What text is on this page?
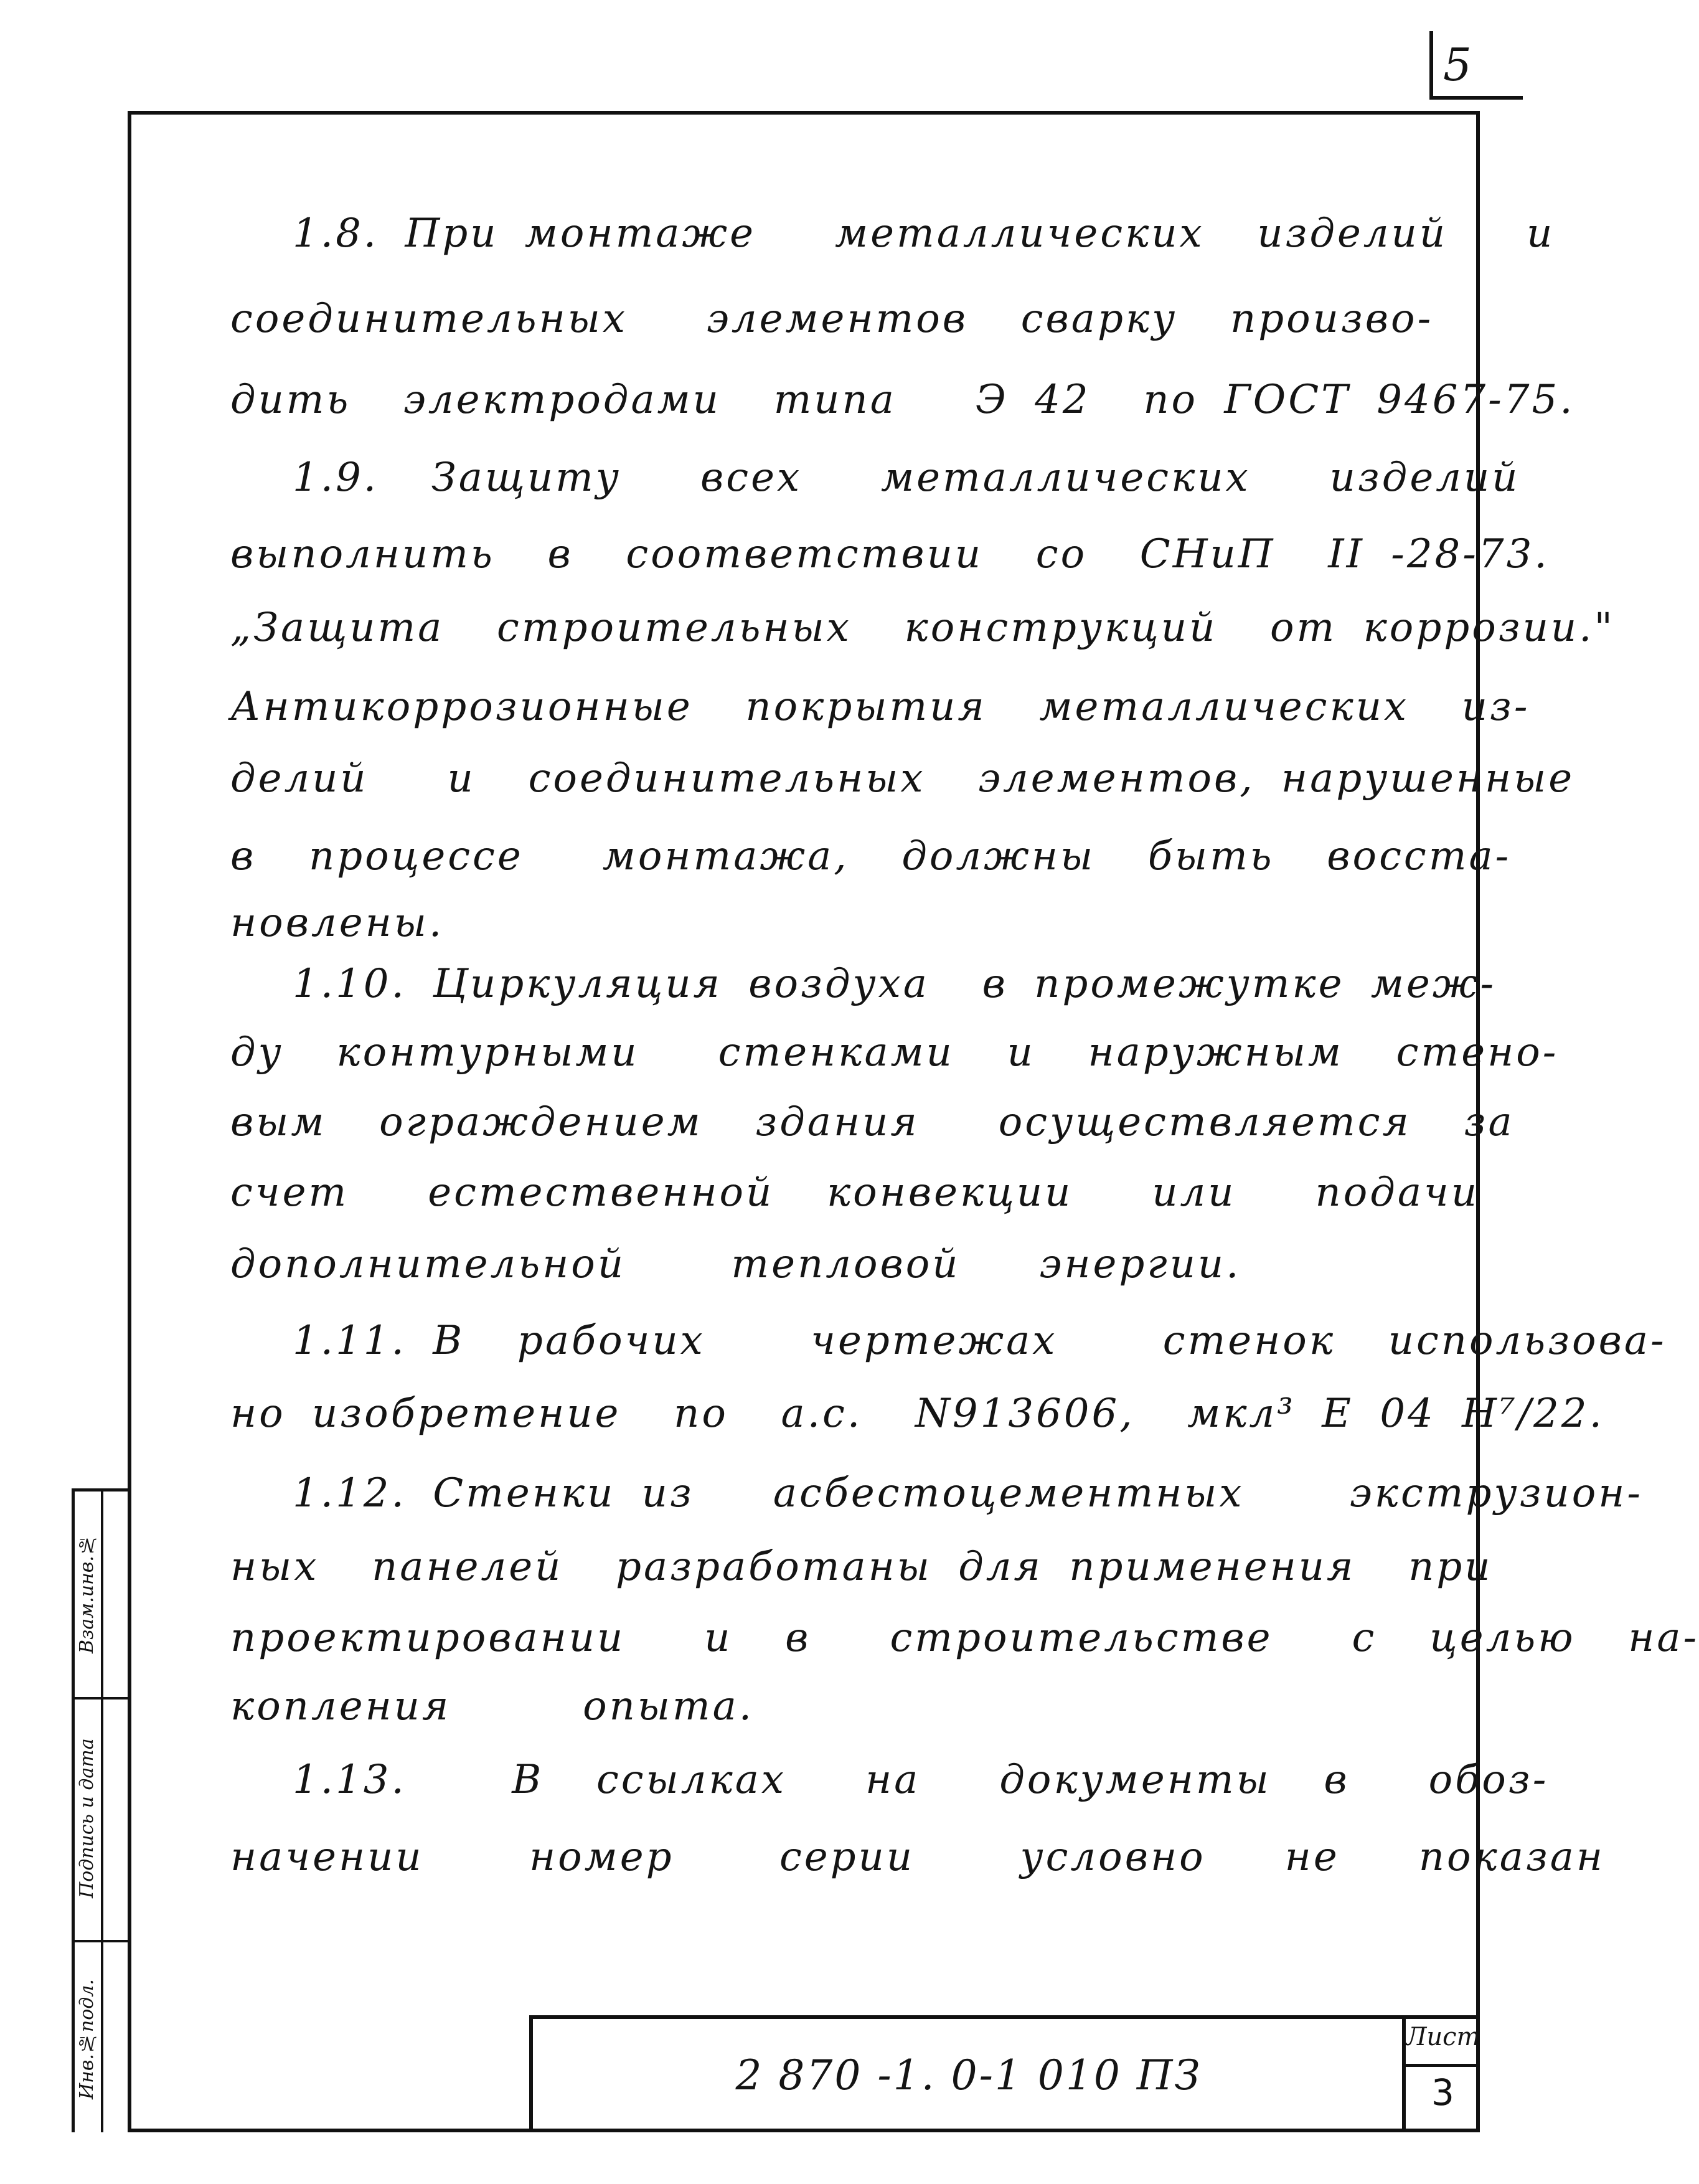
5
1.8. При монтаже   металлических  изделий   и
соединительных   элементов  сварку  произво-
дить  электродами  типа   Э 42  по ГОСТ 9467-75.
1.9.  Защиту   всех   металлических   изделий
выполнить  в  соответствии  со  СНиП  II -28-73.
„Защита  строительных  конструкций  от коррозии."
Антикоррозионные  покрытия  металлических  из-
делий   и  соединительных  элементов, нарушенные
в  процессе   монтажа,  должны  быть  восста-
новлены.
1.10. Циркуляция воздуха  в промежутке меж-
ду  контурными   стенками  и  наружным  стено-
вым  ограждением  здания   осуществляется  за
счет   естественной  конвекции   или   подачи
дополнительной    тепловой   энергии.
1.11. В  рабочих    чертежах    стенок  использова-
но изобретение  по  а.с.  N913606,  мкл³ Е 04 Н⁷/22.
1.12. Стенки из   асбестоцементных    экструзион-
ных  панелей  разработаны для применения  при
проектировании   и  в   строительстве   с  целью  на-
копления     опыта.
1.13.    В  ссылках   на   документы  в   обоз-
начении    номер    серии    условно   не   показан
Взам.инв.№
Подпись и дата
Инв.№подл.	2 870 -1. 0-1 010 ПЗ
Лист
3
